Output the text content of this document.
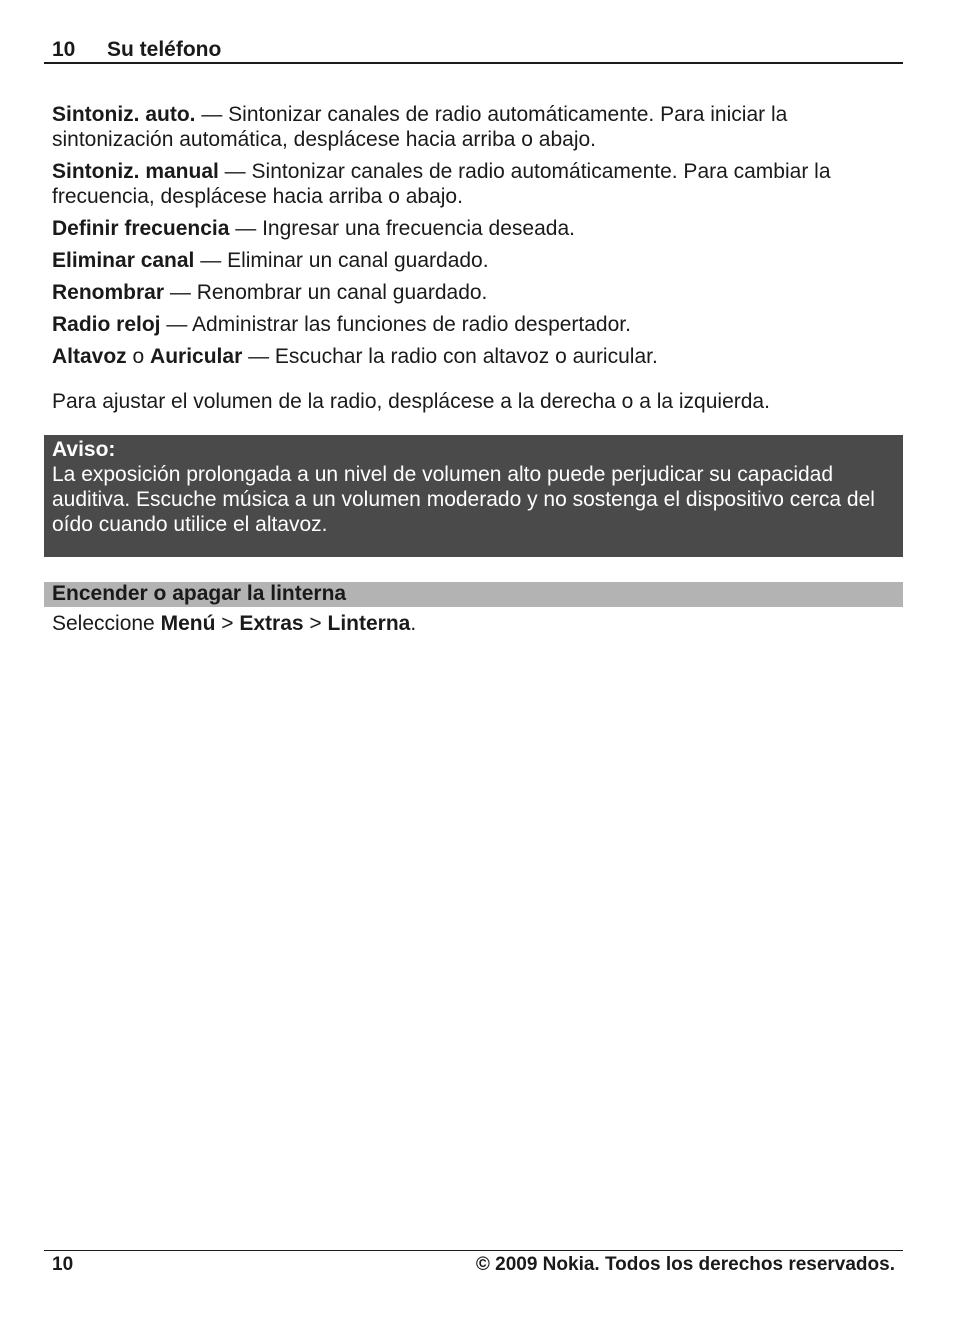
10 Su teléfono
Sintoniz. auto. — Sintonizar canales de radio automáticamente. Para iniciar la sintonización automática, desplácese hacia arriba o abajo.
Sintoniz. manual — Sintonizar canales de radio automáticamente. Para cambiar la frecuencia, desplácese hacia arriba o abajo.
Definir frecuencia — Ingresar una frecuencia deseada.
Eliminar canal — Eliminar un canal guardado.
Renombrar — Renombrar un canal guardado.
Radio reloj — Administrar las funciones de radio despertador.
Altavoz o Auricular — Escuchar la radio con altavoz o auricular.
Para ajustar el volumen de la radio, desplácese a la derecha o a la izquierda.
Aviso:
La exposición prolongada a un nivel de volumen alto puede perjudicar su capacidad auditiva. Escuche música a un volumen moderado y no sostenga el dispositivo cerca del oído cuando utilice el altavoz.
Encender o apagar la linterna
Seleccione Menú > Extras > Linterna.
10	© 2009 Nokia. Todos los derechos reservados.
